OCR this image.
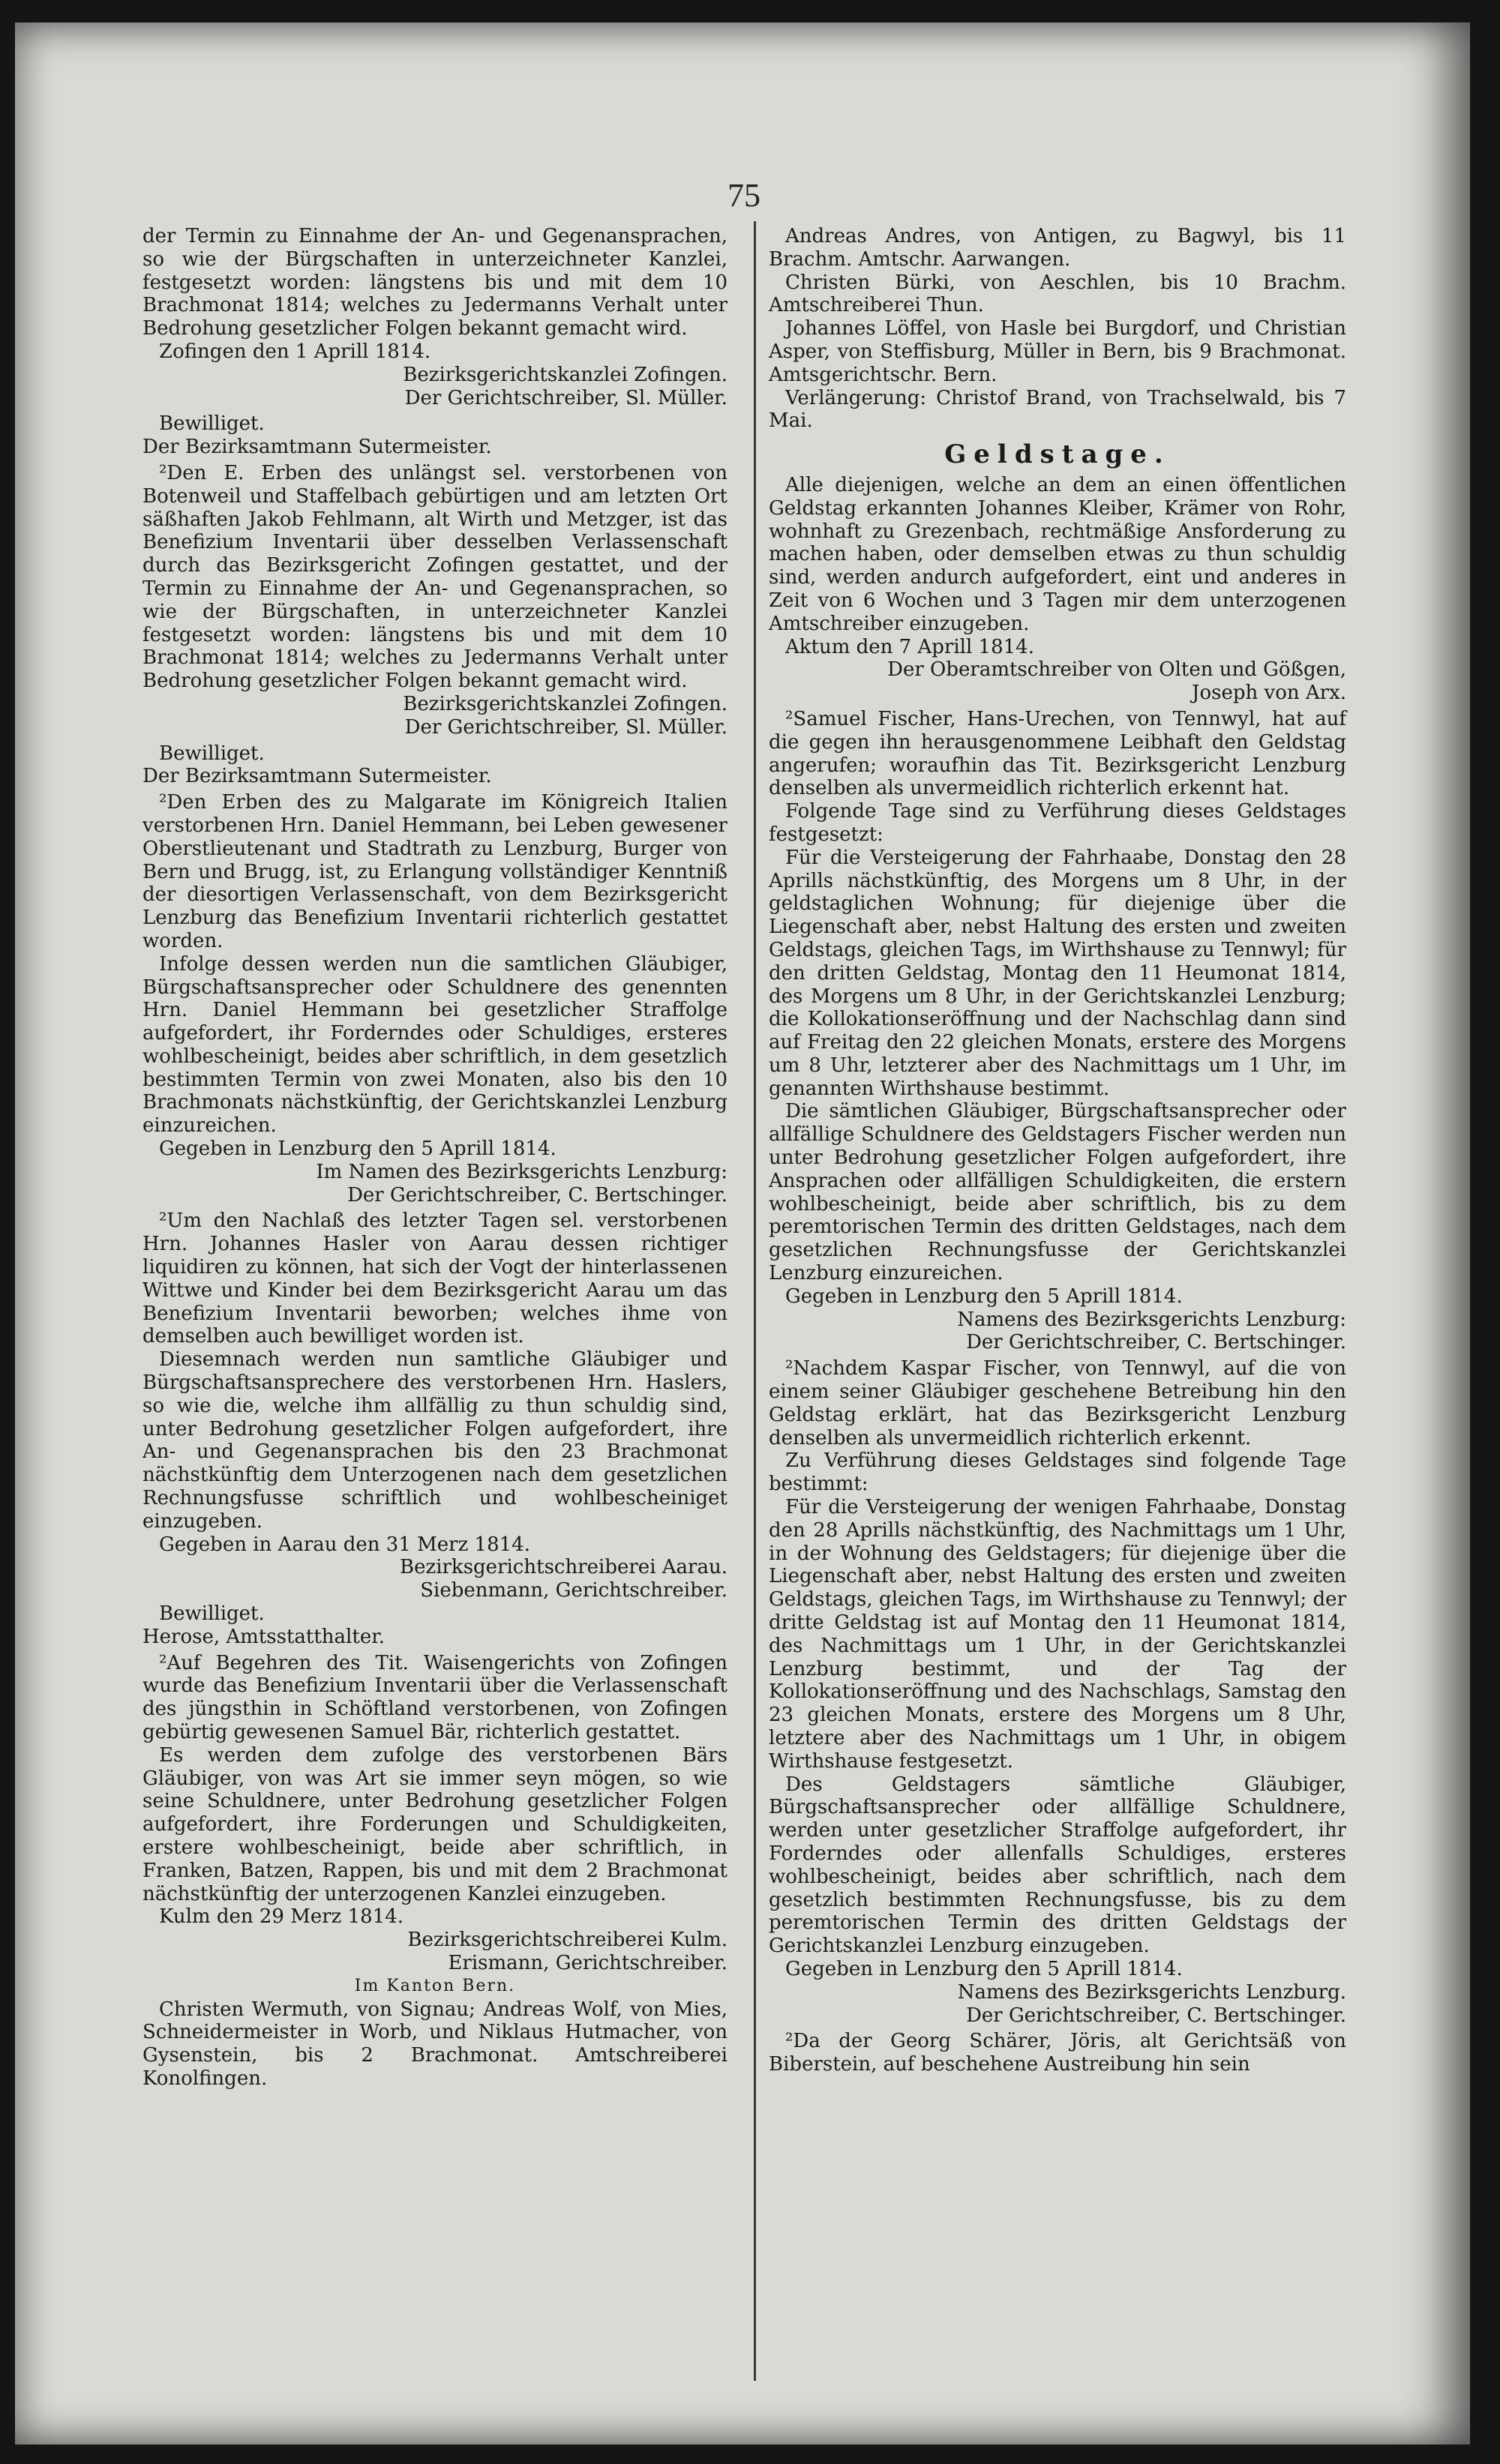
75

der Termin zu Einnahme der An- und Gegenansprachen, so wie der Bürgschaften in unterzeichneter Kanzlei, festgesetzt worden: längstens bis und mit dem 10 Brachmonat 1814; welches zu Jedermanns Verhalt unter Bedrohung gesetzlicher Folgen bekannt gemacht wird.

Zofingen den 1 Aprill 1814.

Bezirksgerichtskanzlei Zofingen.

Der Gerichtschreiber, Sl. Müller.

Bewilliget.

Der Bezirksamtmann Sutermeister.

²Den E. Erben des unlängst sel. verstorbenen von Botenweil und Staffelbach gebürtigen und am letzten Ort säßhaften Jakob Fehlmann, alt Wirth und Metzger, ist das Benefizium Inventarii über desselben Verlassenschaft durch das Bezirksgericht Zofingen gestattet, und der Termin zu Einnahme der An- und Gegenansprachen, so wie der Bürgschaften, in unterzeichneter Kanzlei festgesetzt worden: längstens bis und mit dem 10 Brachmonat 1814; welches zu Jedermanns Verhalt unter Bedrohung gesetzlicher Folgen bekannt gemacht wird.

Bezirksgerichtskanzlei Zofingen.

Der Gerichtschreiber, Sl. Müller.

Bewilliget.

Der Bezirksamtmann Sutermeister.

²Den Erben des zu Malgarate im Königreich Italien verstorbenen Hrn. Daniel Hemmann, bei Leben gewesener Oberstlieutenant und Stadtrath zu Lenzburg, Burger von Bern und Brugg, ist, zu Erlangung vollständiger Kenntniß der diesortigen Verlassenschaft, von dem Bezirksgericht Lenzburg das Benefizium Inventarii richterlich gestattet worden.

Infolge dessen werden nun die samtlichen Gläubiger, Bürgschaftsansprecher oder Schuldnere des genennten Hrn. Daniel Hemmann bei gesetzlicher Straffolge aufgefordert, ihr Forderndes oder Schuldiges, ersteres wohlbescheinigt, beides aber schriftlich, in dem gesetzlich bestimmten Termin von zwei Monaten, also bis den 10 Brachmonats nächstkünftig, der Gerichtskanzlei Lenzburg einzureichen.

Gegeben in Lenzburg den 5 Aprill 1814.

Im Namen des Bezirksgerichts Lenzburg:

Der Gerichtschreiber, C. Bertschinger.

²Um den Nachlaß des letzter Tagen sel. verstorbenen Hrn. Johannes Hasler von Aarau dessen richtiger liquidiren zu können, hat sich der Vogt der hinterlassenen Wittwe und Kinder bei dem Bezirksgericht Aarau um das Benefizium Inventarii beworben; welches ihme von demselben auch bewilliget worden ist.

Diesemnach werden nun samtliche Gläubiger und Bürgschaftsansprechere des verstorbenen Hrn. Haslers, so wie die, welche ihm allfällig zu thun schuldig sind, unter Bedrohung gesetzlicher Folgen aufgefordert, ihre An- und Gegenansprachen bis den 23 Brachmonat nächstkünftig dem Unterzogenen nach dem gesetzlichen Rechnungsfusse schriftlich und wohlbescheiniget einzugeben.

Gegeben in Aarau den 31 Merz 1814.

Bezirksgerichtschreiberei Aarau.

Siebenmann, Gerichtschreiber.

Bewilliget.

Herose, Amtsstatthalter.

²Auf Begehren des Tit. Waisengerichts von Zofingen wurde das Benefizium Inventarii über die Verlassenschaft des jüngsthin in Schöftland verstorbenen, von Zofingen gebürtig gewesenen Samuel Bär, richterlich gestattet.

Es werden dem zufolge des verstorbenen Bärs Gläubiger, von was Art sie immer seyn mögen, so wie seine Schuldnere, unter Bedrohung gesetzlicher Folgen aufgefordert, ihre Forderungen und Schuldigkeiten, erstere wohlbescheinigt, beide aber schriftlich, in Franken, Batzen, Rappen, bis und mit dem 2 Brachmonat nächstkünftig der unterzogenen Kanzlei einzugeben.

Kulm den 29 Merz 1814.

Bezirksgerichtschreiberei Kulm.

Erismann, Gerichtschreiber.

Im Kanton Bern.

Christen Wermuth, von Signau; Andreas Wolf, von Mies, Schneidermeister in Worb, und Niklaus Hutmacher, von Gysenstein, bis 2 Brachmonat. Amtschreiberei Konolfingen.

Andreas Andres, von Antigen, zu Bagwyl, bis 11 Brachm. Amtschr. Aarwangen.

Christen Bürki, von Aeschlen, bis 10 Brachm. Amtschreiberei Thun.

Johannes Löffel, von Hasle bei Burgdorf, und Christian Asper, von Steffisburg, Müller in Bern, bis 9 Brachmonat. Amtsgerichtschr. Bern.

Verlängerung: Christof Brand, von Trachselwald, bis 7 Mai.

Geldstage.

Alle diejenigen, welche an dem an einen öffentlichen Geldstag erkannten Johannes Kleiber, Krämer von Rohr, wohnhaft zu Grezenbach, rechtmäßige Ansforderung zu machen haben, oder demselben etwas zu thun schuldig sind, werden andurch aufgefordert, eint und anderes in Zeit von 6 Wochen und 3 Tagen mir dem unterzogenen Amtschreiber einzugeben.

Aktum den 7 Aprill 1814.

Der Oberamtschreiber von Olten und Gößgen,

Joseph von Arx.

²Samuel Fischer, Hans-Urechen, von Tennwyl, hat auf die gegen ihn herausgenommene Leibhaft den Geldstag angerufen; woraufhin das Tit. Bezirksgericht Lenzburg denselben als unvermeidlich richterlich erkennt hat.

Folgende Tage sind zu Verführung dieses Geldstages festgesetzt:

Für die Versteigerung der Fahrhaabe, Donstag den 28 Aprills nächstkünftig, des Morgens um 8 Uhr, in der geldstaglichen Wohnung; für diejenige über die Liegenschaft aber, nebst Haltung des ersten und zweiten Geldstags, gleichen Tags, im Wirthshause zu Tennwyl; für den dritten Geldstag, Montag den 11 Heumonat 1814, des Morgens um 8 Uhr, in der Gerichtskanzlei Lenzburg; die Kollokationseröffnung und der Nachschlag dann sind auf Freitag den 22 gleichen Monats, erstere des Morgens um 8 Uhr, letzterer aber des Nachmittags um 1 Uhr, im genannten Wirthshause bestimmt.

Die sämtlichen Gläubiger, Bürgschaftsansprecher oder allfällige Schuldnere des Geldstagers Fischer werden nun unter Bedrohung gesetzlicher Folgen aufgefordert, ihre Ansprachen oder allfälligen Schuldigkeiten, die erstern wohlbescheinigt, beide aber schriftlich, bis zu dem peremtorischen Termin des dritten Geldstages, nach dem gesetzlichen Rechnungsfusse der Gerichtskanzlei Lenzburg einzureichen.

Gegeben in Lenzburg den 5 Aprill 1814.

Namens des Bezirksgerichts Lenzburg:

Der Gerichtschreiber, C. Bertschinger.

²Nachdem Kaspar Fischer, von Tennwyl, auf die von einem seiner Gläubiger geschehene Betreibung hin den Geldstag erklärt, hat das Bezirksgericht Lenzburg denselben als unvermeidlich richterlich erkennt.

Zu Verführung dieses Geldstages sind folgende Tage bestimmt:

Für die Versteigerung der wenigen Fahrhaabe, Donstag den 28 Aprills nächstkünftig, des Nachmittags um 1 Uhr, in der Wohnung des Geldstagers; für diejenige über die Liegenschaft aber, nebst Haltung des ersten und zweiten Geldstags, gleichen Tags, im Wirthshause zu Tennwyl; der dritte Geldstag ist auf Montag den 11 Heumonat 1814, des Nachmittags um 1 Uhr, in der Gerichtskanzlei Lenzburg bestimmt, und der Tag der Kollokationseröffnung und des Nachschlags, Samstag den 23 gleichen Monats, erstere des Morgens um 8 Uhr, letztere aber des Nachmittags um 1 Uhr, in obigem Wirthshause festgesetzt.

Des Geldstagers sämtliche Gläubiger, Bürgschaftsansprecher oder allfällige Schuldnere, werden unter gesetzlicher Straffolge aufgefordert, ihr Forderndes oder allenfalls Schuldiges, ersteres wohlbescheinigt, beides aber schriftlich, nach dem gesetzlich bestimmten Rechnungsfusse, bis zu dem peremtorischen Termin des dritten Geldstags der Gerichtskanzlei Lenzburg einzugeben.

Gegeben in Lenzburg den 5 Aprill 1814.

Namens des Bezirksgerichts Lenzburg.

Der Gerichtschreiber, C. Bertschinger.

²Da der Georg Schärer, Jöris, alt Gerichtsäß von Biberstein, auf beschehene Austreibung hin sein
